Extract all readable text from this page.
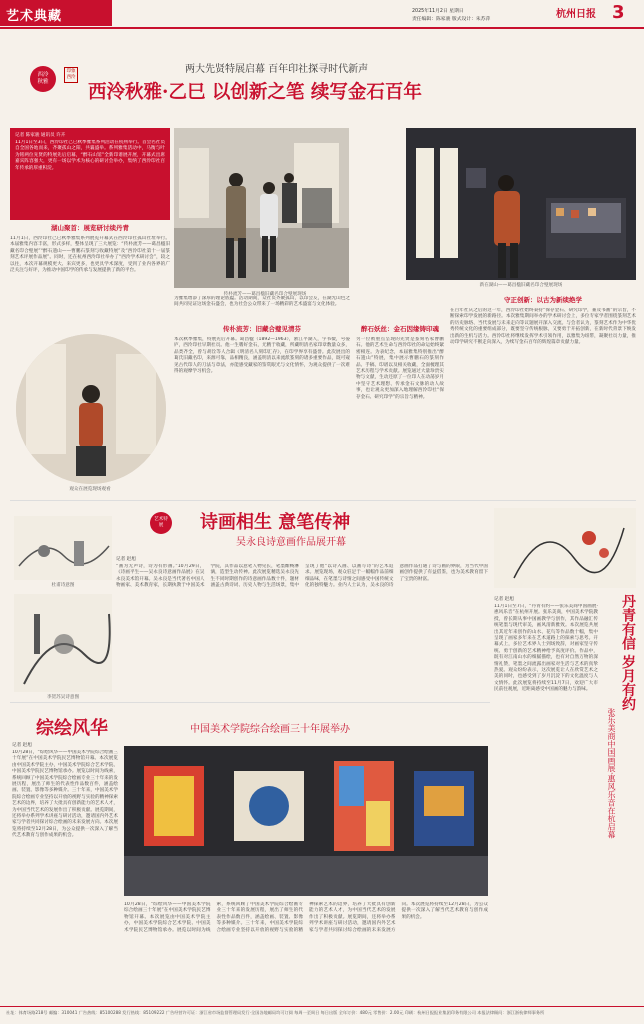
艺术典藏	2025年11月2日 星期日
责任编辑：陈家骏 版式设计：朱苏萍	杭州日报 3
西泠
秋雅
印象西泠
两大先贤特展启幕 百年印社探寻时代新声
西泠秋雅·乙巳 以创新之笔 续写金石百年
记者 陈家骏 通讯员 许卉
11月1日至3日，西泠印社己巳秋季雅集系列活动在杭州举行。首会名社员自全国各地而来，齐聚孤山之阳，共襄盛举。系列雅集活动中，马衡与叶为铭两位先贤的特展先后启幕，“醉石山馆”全新印谱展开展，开幕式出席嘉宾阵容强大，更有一场以学术为核心的研讨会举办，集纳了西泠印社百年传承的厚重积淀。
传朴流芳——葛昌楹旧藏名印合璧展现场
新在湖山——葛昌楹旧藏名印合璧展现场
湖山聚首：展览研讨续丹青
11月1日，西泠印社己巳秋季雅集系列展览开幕式在西泠印社孤山社址举行。本届雅集内容丰富，形式多样，整体呈现了三大展览：“传朴流芳——葛昌楹旧藏名印合璧展”“醉石遗山——曹鹏石篆刻与收藏特展”及“西泠印社第十一届篆刻艺术评展作品展”。同时，还在杭州西泠印社举办了“西泠学术研讨会”，较之以往，本次开幕规模更大、来宾更多，也更具学术深度，受到了业内各界的广泛关注与好评，为推动中国印学的传承与发展提供了新的平台。
观众在展览现场观看
为雅集增添了深厚的理论底蕴。活动期间，众社员齐聚孤山，以印会友，在湖光山色之间共同见证这场金石盛会，也为社会公众带来了一场精彩的艺术盛宴与文化体验。
传朴流芳：旧藏合璧见清芬
本次秋季雅集，特展先后开幕。葛昌楹（1892—1963），浙江平湖人，字书徵，号晏庐，西泠印社早期社员。他一生嗜好金石，尤精于收藏，所藏明清名家印章数量众多，品类齐全，曾与胡洤等人合辑《明清名人刻印汇存》，在印学界享有盛誉。此次展出的葛氏旧藏名印，来源可靠，品相精良，涵盖明清以来流派篆刻的诸多重要作品，既可窥见古代印人的刀法与章法，亦能感受藏家的鉴赏眼光与文化情怀，为观众提供了一次难得的观摩学习机会。
醉石妖丝：金石因缘铸印魂
另一位被重点呈现的先贤是篆刻名家曹鹏石。他的艺术生命与西泠印社的命运始终紧密相连。为表纪念，本届雅集特别推出“醉石遗山”特展，集中展示曹鹏石的篆刻作品、手稿、印谱以及相关收藏，全面梳理其艺术历程与学术贡献。展览通过大量珍贵实物与文献，生动还原了一位印人在动荡岁月中坚守艺术理想、传承金石文脉的动人故事，也让观众更加深入地理解西泠印社“保存金石、研究印学”的宗旨与精神。
守正创新：以古为新续绝学
在百年社庆之后的这一年，西泠印社始终秉持“保存金石、研究印学，兼及书画”的宗旨，不断探索印学发展的新路径。本次雅集期间举办的学术研讨会上，多位专家学者围绕篆刻艺术的历史脉络、当代发展与未来走向等议题展开深入交流。与会者认为，篆刻艺术作为中华优秀传统文化的重要组成部分，既要坚守传统根脉，又要勇于开拓创新，在新时代背景下焕发出新的生机与活力。西泠印社将继续发挥学术引领作用，以雅集为纽带，凝聚社员力量，推动印学研究不断走向深入，为续写金石百年的辉煌篇章贡献力量。
艺术特展	诗画相生 意笔传神
吴永良诗意画作品展开幕
杜甫诗意图
李贺苏吴诗意图
记者 赵旭
“画为无声诗，诗为有形画。”10月29日，《诗画平生——吴永良诗意画作品展》在吴永良美术馆开幕。吴永良是当代著名中国人物画家、美术教育家，长期执教于中国美术学院，其作品以意笔人物见长，笔墨酣畅淋漓，造型生动传神。此次展览精选吴永良先生不同时期创作的诗意画作品数十件，题材涵盖古典诗词、历史人物与生活场景，集中呈现了他“以诗入画、以画写诗”的艺术追求。展览现场，观众驻足于一幅幅作品前细细品味，在笔墨与诗情之间感受中国传统文化的独特魅力。业内人士认为，吴永良的诗意画作品打通了诗与画的界限，为当代中国画创作提供了有益借鉴，也为美术教育留下了宝贵的财富。
记者 赵旭	丹青有信 岁月有约
张乐美商中国画展·惠风乐音在杭启幕
11月1日至7日，“丹青有约——张乐美商中国画展·惠风乐音”在杭州开展。张乐美商，中国美术学院教授，曾长期从事中国画教学与创作，其作品融汇传统笔墨与现代审美，画风清新雅致。本次展览共展出其近年来创作的山水、花鸟等作品数十幅，集中呈现了画家多年来在艺术道路上的探索与思考。开幕式上，多位艺术界人士到场致辞，对画家坚守传统、勇于创新的艺术精神给予高度评价。作品中，既有对江南山水的细腻描绘，也有对自然万物的深情礼赞，笔墨之间流露出画家对生活与艺术的真挚热爱。观众纷纷表示，这次展览让人在欣赏艺术之美的同时，也感受到了岁月沉淀下的文化温度与人文情怀。此次展览将持续至11月7日，欢迎广大市民前往观展，近距离感受中国画的魅力与韵味。
综绘风华	中国美术学院综合绘画三十年展举办
记者 赵旭
10月28日，“综绘风华——中国美术学院综合绘画三十年展”在中国美术学院民艺博物馆开幕。本次展览由中国美术学院主办，中国美术学院综合艺术学院、中国美术学院民艺博物馆承办。展览以时间为线索，系统回顾了中国美术学院综合绘画专业三十年来的发展历程，展出了师生的代表性作品数百件，涵盖绘画、装置、影像等多种媒介。三十年来，中国美术学院综合绘画专业坚持以开放的视野与实验的精神探索艺术的边界，培养了大批具有创新能力的艺术人才，为中国当代艺术的发展作出了积极贡献。展览期间，还将举办系列学术讲座与研讨活动，邀请国内外艺术家与学者共同探讨综合绘画的未来发展方向。本次展览将持续至12月28日，为公众提供一次深入了解当代艺术教育与创作成果的机会。
10月28日，“综绘风华——中国美术学院综合绘画三十年展”在中国美术学院民艺博物馆开幕。本次展览由中国美术学院主办，中国美术学院综合艺术学院、中国美术学院民艺博物馆承办。展览以时间为线索，系统回顾了中国美术学院综合绘画专业三十年来的发展历程，展出了师生的代表性作品数百件，涵盖绘画、装置、影像等多种媒介。三十年来，中国美术学院综合绘画专业坚持以开放的视野与实验的精神探索艺术的边界，培养了大批具有创新能力的艺术人才，为中国当代艺术的发展作出了积极贡献。展览期间，还将举办系列学术讲座与研讨活动，邀请国内外艺术家与学者共同探讨综合绘画的未来发展方向。本次展览将持续至12月28日，为公众提供一次深入了解当代艺术教育与创作成果的机会。
社址：体育场路218号 邮编：310041 广告热线：85100288 发行热线：85109222 广告经营许可证：浙江省市场监督管理局发行·全国各地邮局均可订阅 每周一至周日 每日出版 全年订价：480元 零售价：2.00元 印刷：杭州日报报业集团印务有限公司 本报法律顾问：浙江浙杭律师事务所
